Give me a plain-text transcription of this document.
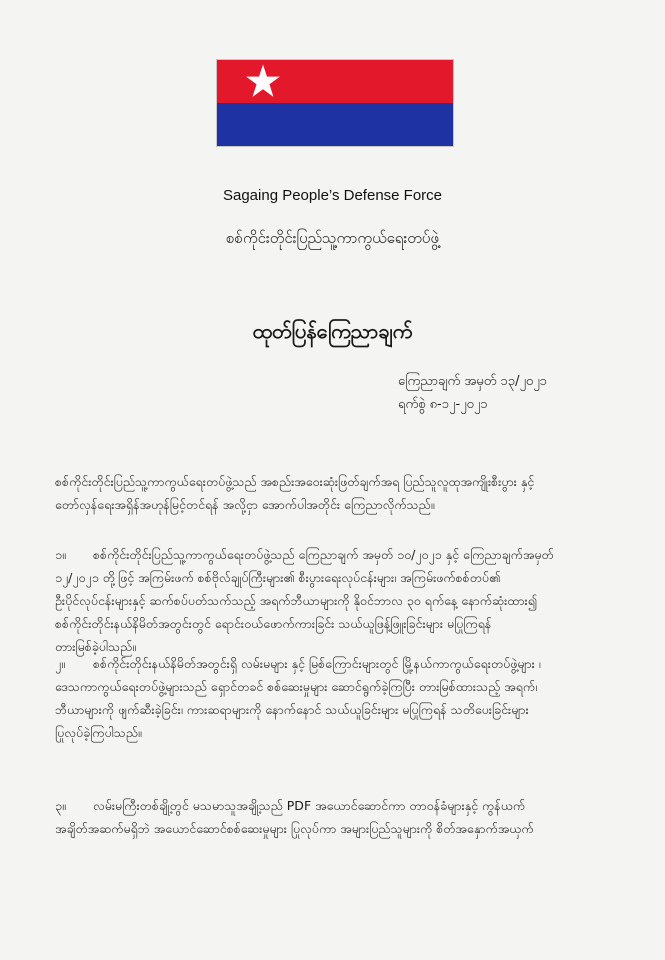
Sagaing People’s Defense Force
စစ်ကိုင်းတိုင်းပြည်သူ့ကာကွယ်ရေးတပ်ဖွဲ့
ထုတ်ပြန်ကြေညာချက်
ကြေညာချက် အမှတ် ၁၃/၂၀၂၁
ရက်စွဲ ၈-၁၂-၂၀၂၁
စစ်ကိုင်းတိုင်းပြည်သူ့ကာကွယ်ရေးတပ်ဖွဲ့သည် အစည်းအဝေးဆုံးဖြတ်ချက်အရ ပြည်သူလူထုအကျိုးစီးပွား နှင့်
တော်လှန်ရေးအရှိန်အဟုန်မြင့်တင်ရန် အလို့ငှာ အောက်ပါအတိုင်း ကြေညာလိုက်သည်။
၁။	စစ်ကိုင်းတိုင်းပြည်သူ့ကာကွယ်ရေးတပ်ဖွဲ့သည် ကြေညာချက် အမှတ် ၁၀/၂၀၂၁ နှင့် ကြေညာချက်အမှတ်
၁၂/၂၀၂၁ တို့ဖြင့် အကြမ်းဖက် စစ်ဗိုလ်ချုပ်ကြီးများ၏ စီးပွားရေးလုပ်ငန်းများ၊ အကြမ်းဖက်စစ်တပ်၏
ဦးပိုင်လုပ်ငန်းများနှင့် ဆက်စပ်ပတ်သက်သည့် အရက်ဘီယာများကို နိုဝင်ဘာလ ၃၀ ရက်နေ့ နောက်ဆုံးထား၍
စစ်ကိုင်းတိုင်းနယ်နိမိတ်အတွင်းတွင် ရောင်းဝယ်ဖောက်ကားခြင်း သယ်ယူဖြန့်ဖြူးခြင်းများ မပြုကြရန်
တားမြစ်ခဲ့ပါသည်။
၂။	စစ်ကိုင်းတိုင်းနယ်နိမိတ်အတွင်းရှိ လမ်းမများ နှင့် မြစ်ကြောင်းများတွင် မြို့နယ်ကာကွယ်ရေးတပ်ဖွဲ့များ ၊
ဒေသကာကွယ်ရေးတပ်ဖွဲ့များသည် ရှောင်တခင် စစ်ဆေးမှုများ ဆောင်ရွက်ခဲ့ကြပြီး တားမြစ်ထားသည့် အရက်၊
ဘီယာများကို ဖျက်ဆီးခဲ့ခြင်း၊ ကားဆရာများကို နောက်နောင် သယ်ယူခြင်းများ မပြုကြရန် သတိပေးခြင်းများ
ပြုလုပ်ခဲ့ကြပါသည်။
၃။	လမ်းမကြီးတစ်ချို့တွင် မသမာသူအချို့သည် PDF အယောင်ဆောင်ကာ တာဝန်ခံများနှင့် ကွန်ယက်
အချိတ်အဆက်မရှိဘဲ အယောင်ဆောင်စစ်ဆေးမှုများ ပြုလုပ်ကာ အများပြည်သူများကို စိတ်အနှောက်အယှက်
